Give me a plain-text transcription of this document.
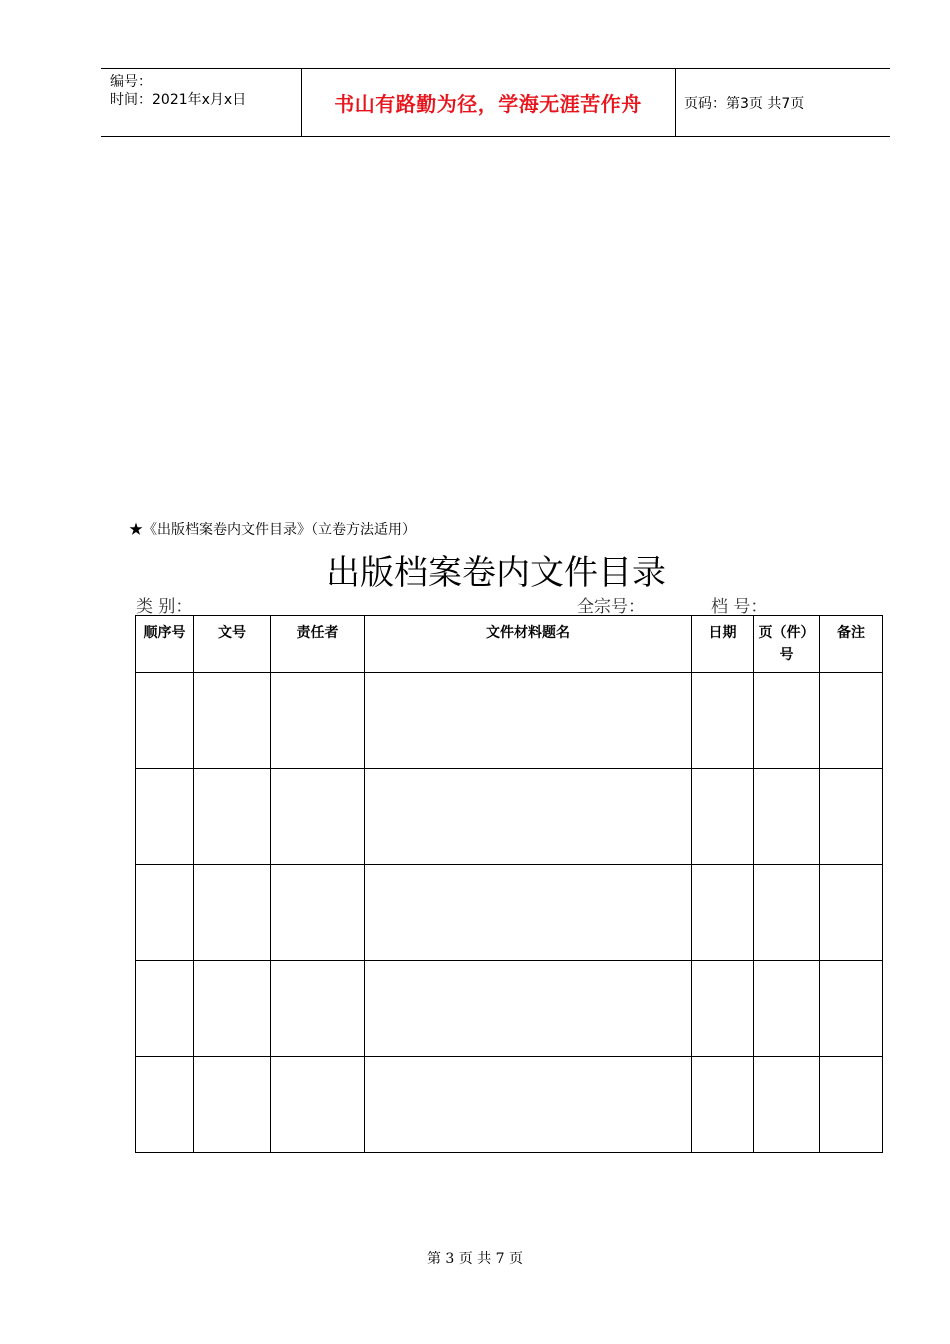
编号：
时间：2021年x月x日	书山有路勤为径，学海无涯苦作舟	页码：第3页 共7页
★《出版档案卷内文件目录》（立卷方法适用）
出版档案卷内文件目录
类 别：	全宗号：	档 号：
顺序号	文号	责任者	文件材料题名	日期	页（件）号	备注

第 3 页 共 7 页
